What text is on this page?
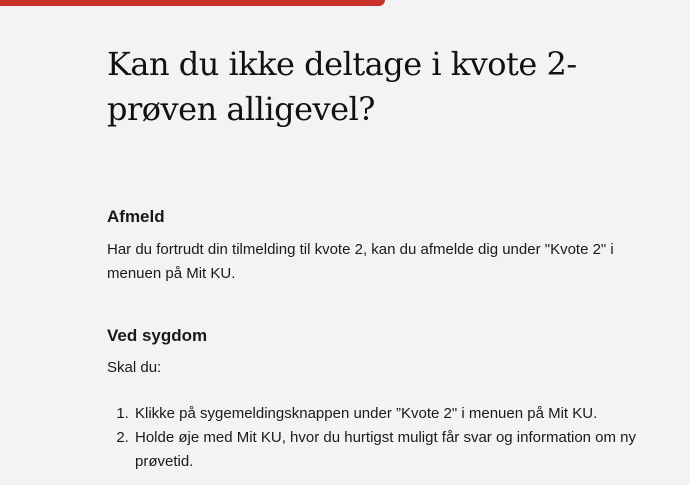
Kan du ikke deltage i kvote 2-prøven alligevel?
Afmeld

Har du fortrudt din tilmelding til kvote 2, kan du afmelde dig under "Kvote 2" i menuen på Mit KU.

Ved sygdom

Skal du:

1. Klikke på sygemeldingsknappen under ”Kvote 2" i menuen på Mit KU.
2. Holde øje med Mit KU, hvor du hurtigst muligt får svar og information om ny prøvetid.
